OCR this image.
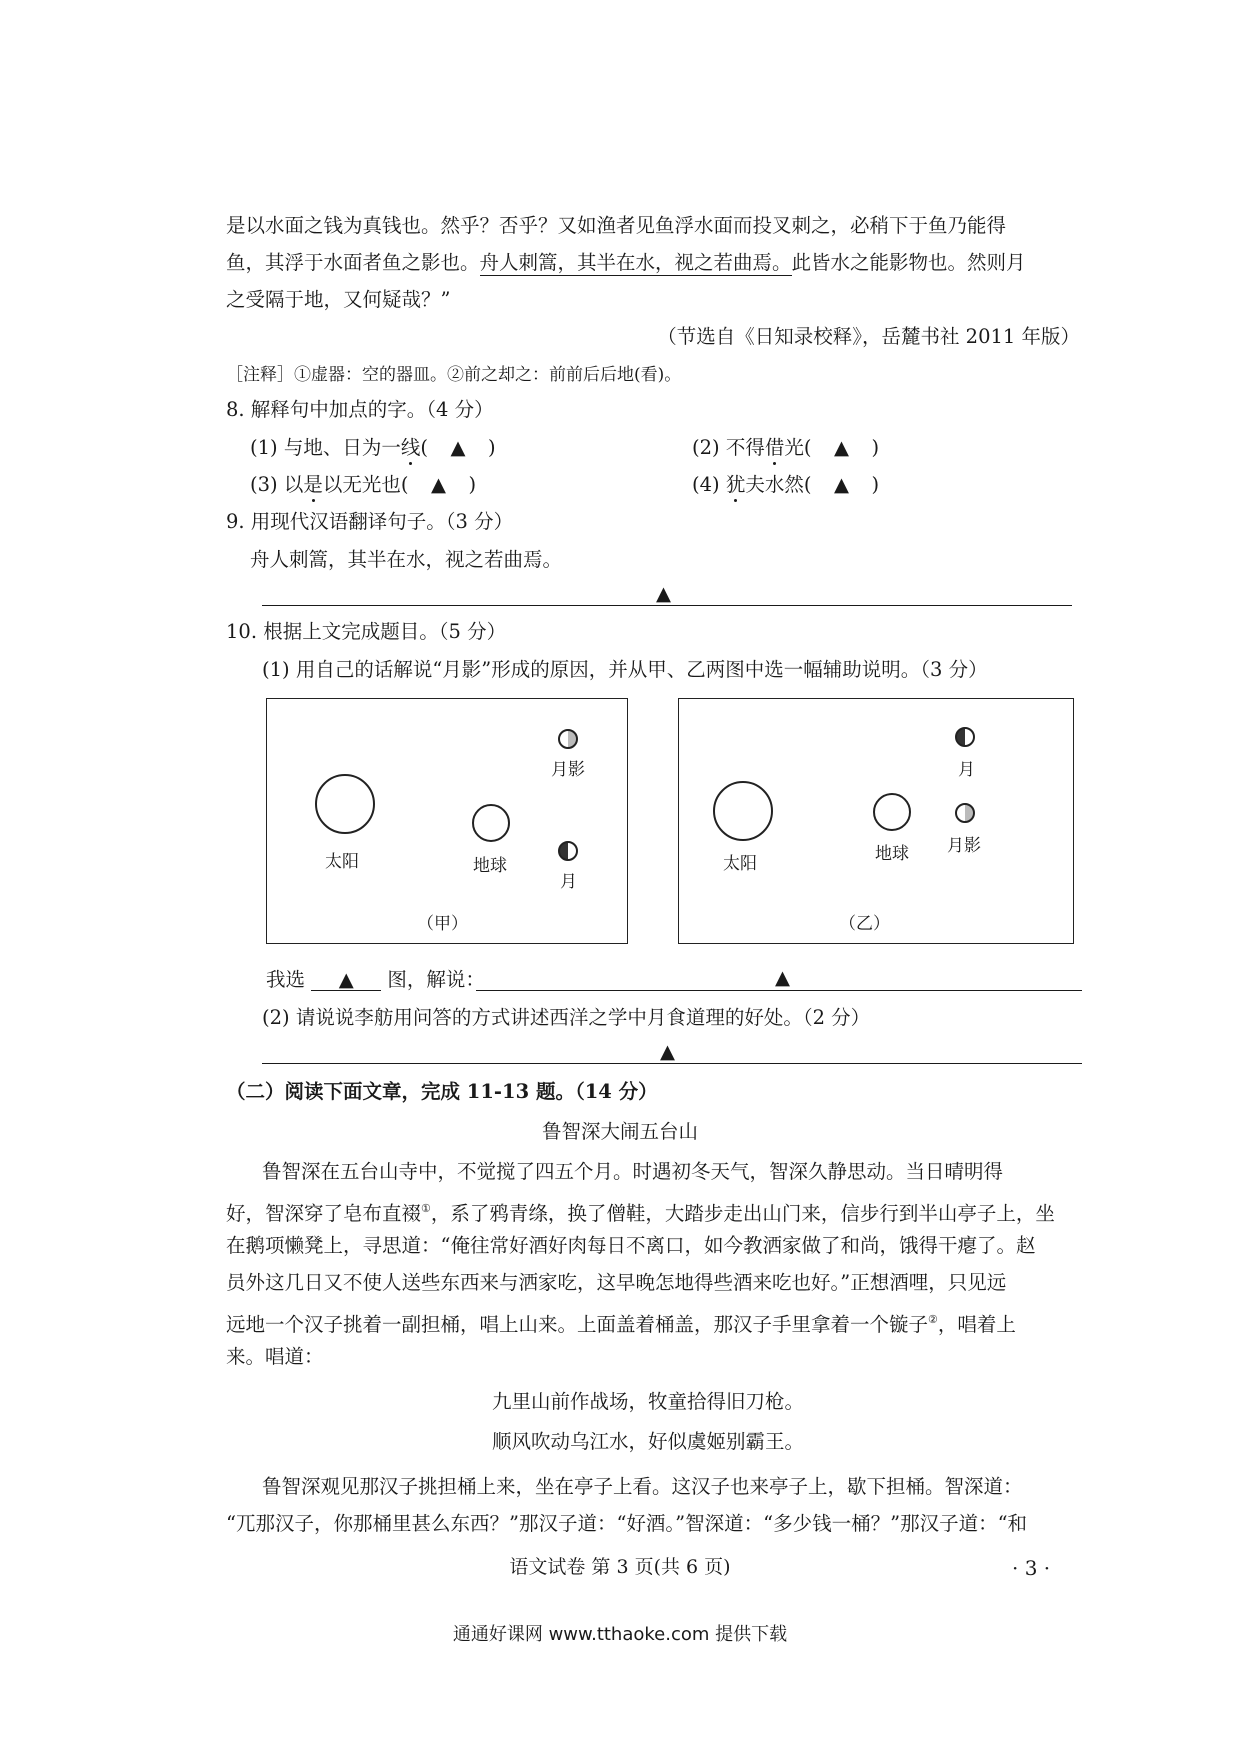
是以水面之钱为真钱也。然乎？否乎？又如渔者见鱼浮水面而投叉刺之，必稍下于鱼乃能得
鱼，其浮于水面者鱼之影也。舟人刺篙，其半在水，视之若曲焉。此皆水之能影物也。然则月
之受隔于地，又何疑哉？”
（节选自《日知录校释》，岳麓书社 2011 年版）
［注释］①虚器：空的器皿。②前之却之：前前后后地(看)。
8. 解释句中加点的字。（4 分）
(1) 与地、日为一线( ▲ )	(2) 不得借光( ▲ )
(3) 以是以无光也( ▲ )	(4) 犹夫水然( ▲ )
9. 用现代汉语翻译句子。（3 分）
舟人刺篙，其半在水，视之若曲焉。
▲
10. 根据上文完成题目。（5 分）
(1) 用自己的话解说“月影”形成的原因，并从甲、乙两图中选一幅辅助说明。（3 分）
太阳	地球
月影
月
（甲）
太阳	地球
月
月影
（乙）
我选 ▲ 图，解说：	▲
(2) 请说说李舫用问答的方式讲述西洋之学中月食道理的好处。（2 分）
▲
（二）阅读下面文章，完成 11-13 题。（14 分）
鲁智深大闹五台山
鲁智深在五台山寺中，不觉搅了四五个月。时遇初冬天气，智深久静思动。当日晴明得
好，智深穿了皂布直裰①，系了鸦青绦，换了僧鞋，大踏步走出山门来，信步行到半山亭子上，坐
在鹅项懒凳上，寻思道：“俺往常好酒好肉每日不离口，如今教洒家做了和尚，饿得干瘪了。赵
员外这几日又不使人送些东西来与洒家吃，这早晚怎地得些酒来吃也好。”正想酒哩，只见远
远地一个汉子挑着一副担桶，唱上山来。上面盖着桶盖，那汉子手里拿着一个镟子②，唱着上
来。唱道：
九里山前作战场，牧童拾得旧刀枪。
顺风吹动乌江水，好似虞姬别霸王。
鲁智深观见那汉子挑担桶上来，坐在亭子上看。这汉子也来亭子上，歇下担桶。智深道：
“兀那汉子，你那桶里甚么东西？”那汉子道：“好酒。”智深道：“多少钱一桶？”那汉子道：“和
语文试卷 第 3 页(共 6 页)	· 3 ·
通通好课网 www.tthaoke.com 提供下载
